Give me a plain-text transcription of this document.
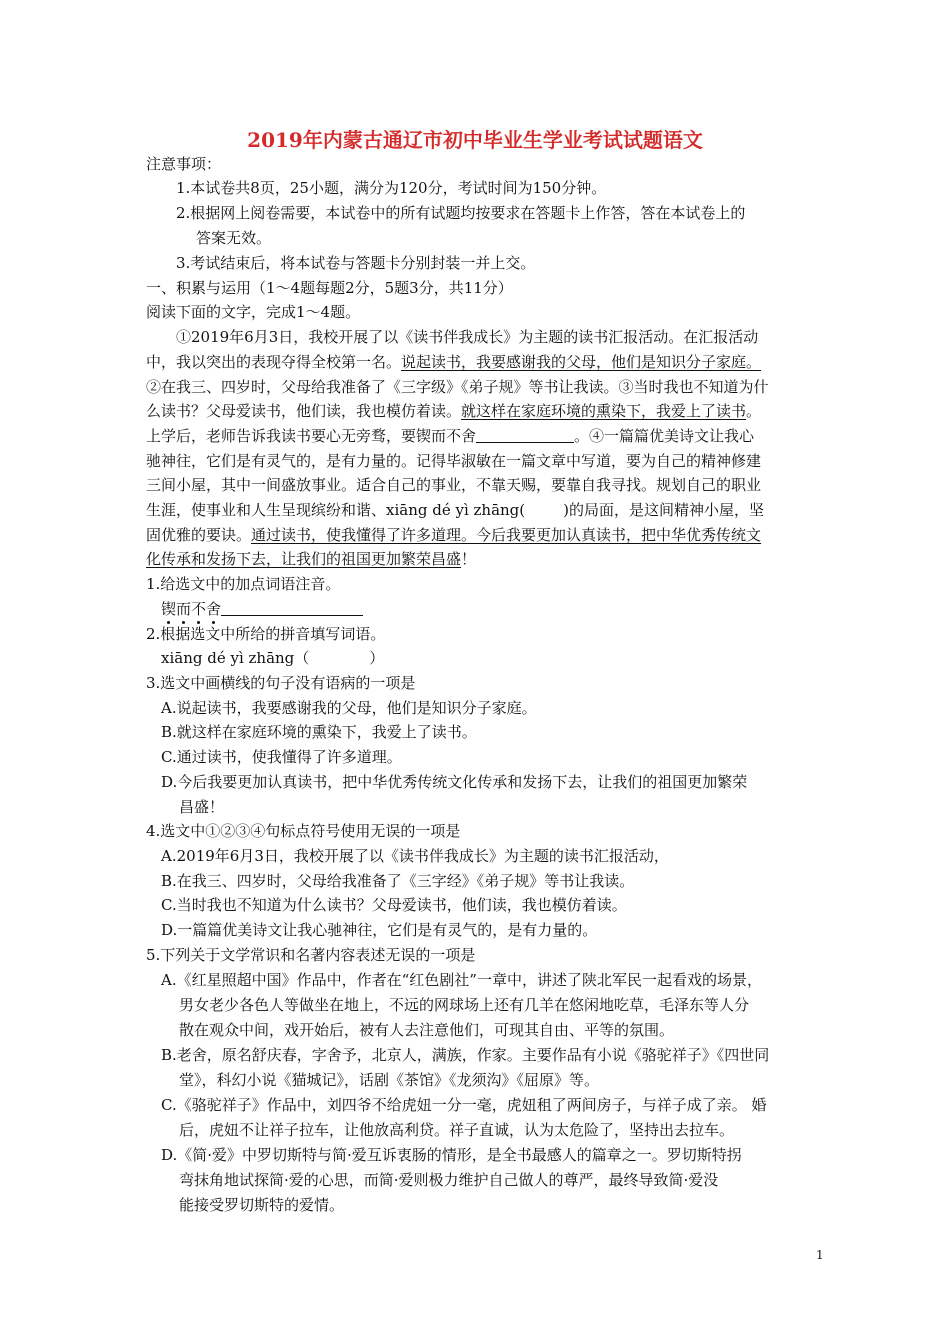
2019年内蒙古通辽市初中毕业生学业考试试题语文
注意事项：
1.本试卷共8页，25小题，满分为120分，考试时间为150分钟。
2.根据网上阅卷需要，本试卷中的所有试题均按要求在答题卡上作答，答在本试卷上的
答案无效。
3.考试结束后，将本试卷与答题卡分别封装一并上交。
一、积累与运用（1～4题每题2分，5题3分，共11分）
阅读下面的文字，完成1～4题。
①2019年6月3日，我校开展了以《读书伴我成长》为主题的读书汇报活动。在汇报活动
中，我以突出的表现夺得全校第一名。说起读书，我要感谢我的父母，他们是知识分子家庭。
②在我三、四岁时，父母给我准备了《三字级》《弟子规》等书让我读。③当时我也不知道为什
么读书？父母爱读书，他们读，我也模仿着读。就这样在家庭环境的熏染下，我爱上了读书。
上学后，老师告诉我读书要心无旁骛，要锲而不舍	。④一篇篇优美诗文让我心
驰神往，它们是有灵气的，是有力量的。记得毕淑敏在一篇文章中写道，要为自己的精神修建
三间小屋，其中一间盛放事业。适合自己的事业，不靠天赐，要靠自我寻找。规划自己的职业
生涯，使事业和人生呈现缤纷和谐、xiāng dé yì zhāng(	)的局面，是这间精神小屋，坚
固优雅的要诀。通过读书，使我懂得了许多道理。今后我要更加认真读书，把中华优秀传统文
化传承和发扬下去，让我们的祖国更加繁荣昌盛！
1.给选文中的加点词语注音。
锲而不舍
2.根据选文中所给的拼音填写词语。
xiāng dé yì zhāng（	）
3.选文中画横线的句子没有语病的一项是
A.说起读书，我要感谢我的父母，他们是知识分子家庭。
B.就这样在家庭环境的熏染下，我爱上了读书。
C.通过读书，使我懂得了许多道理。
D.今后我要更加认真读书，把中华优秀传统文化传承和发扬下去，让我们的祖国更加繁荣
昌盛！
4.选文中①②③④句标点符号使用无误的一项是
A.2019年6月3日，我校开展了以《读书伴我成长》为主题的读书汇报活动，
B.在我三、四岁时，父母给我准备了《三字经》《弟子规》等书让我读。
C.当时我也不知道为什么读书？父母爱读书，他们读，我也模仿着读。
D.一篇篇优美诗文让我心驰神往，它们是有灵气的，是有力量的。
5.下列关于文学常识和名著内容表述无误的一项是
A.《红星照超中国》作品中，作者在“红色剧社”一章中，讲述了陕北军民一起看戏的场景，
男女老少各色人等做坐在地上，不远的网球场上还有几羊在悠闲地吃草，毛泽东等人分
散在观众中间，戏开始后，被有人去注意他们，可现其自由、平等的氛围。
B.老舍，原名舒庆春，字舍予，北京人，满族，作家。主要作品有小说《骆驼祥子》《四世同
堂》，科幻小说《猫城记》，话剧《茶馆》《龙须沟》《屈原》等。
C.《骆驼祥子》作品中，刘四爷不给虎妞一分一毫，虎妞租了两间房子，与祥子成了亲。 婚
后，虎妞不让祥子拉车，让他放高利贷。祥子直诚，认为太危险了，坚持出去拉车。
D.《简·爱》中罗切斯特与简·爱互诉衷肠的情形，是全书最感人的篇章之一。罗切斯特拐
弯抹角地试探简·爱的心思，而简·爱则极力维护自己做人的尊严，最终导致简·爱没
能接受罗切斯特的爱情。
1
